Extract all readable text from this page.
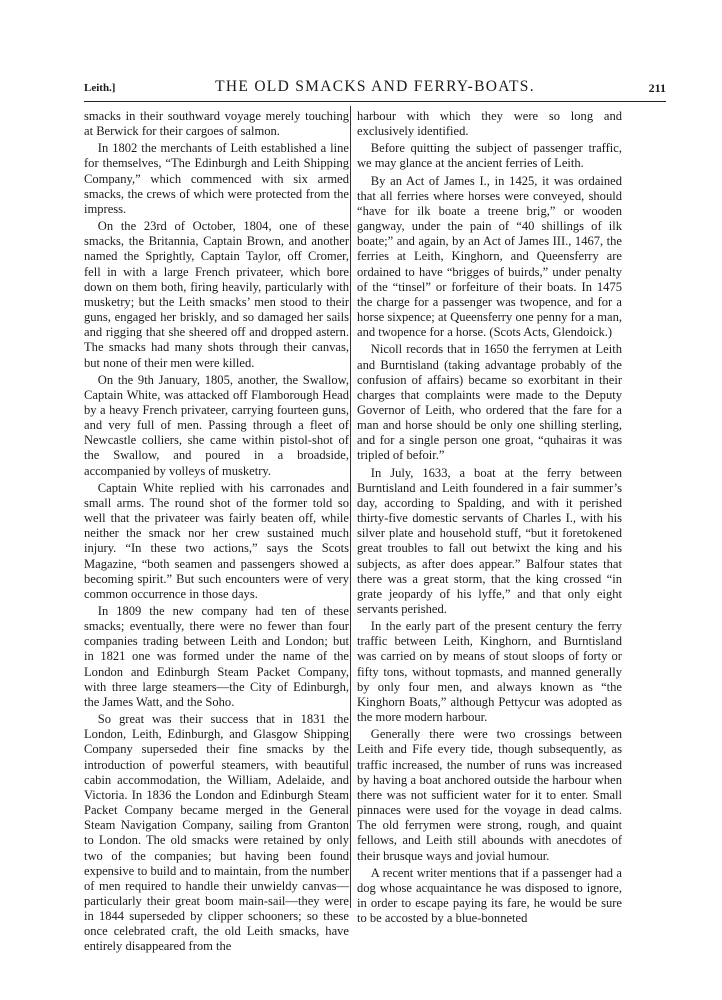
Leith.]	THE OLD SMACKS AND FERRY-BOATS.	211

smacks in their southward voyage merely touching at Berwick for their cargoes of salmon.

In 1802 the merchants of Leith established a line for themselves, “The Edinburgh and Leith Shipping Company,” which commenced with six armed smacks, the crews of which were protected from the impress.

On the 23rd of October, 1804, one of these smacks, the Britannia, Captain Brown, and another named the Sprightly, Captain Taylor, off Cromer, fell in with a large French privateer, which bore down on them both, firing heavily, particularly with musketry; but the Leith smacks’ men stood to their guns, engaged her briskly, and so damaged her sails and rigging that she sheered off and dropped astern. The smacks had many shots through their canvas, but none of their men were killed.

On the 9th January, 1805, another, the Swallow, Captain White, was attacked off Flamborough Head by a heavy French privateer, carrying fourteen guns, and very full of men. Passing through a fleet of Newcastle colliers, she came within pistol-shot of the Swallow, and poured in a broadside, accompanied by volleys of musketry.

Captain White replied with his carronades and small arms. The round shot of the former told so well that the privateer was fairly beaten off, while neither the smack nor her crew sustained much injury. “In these two actions,” says the Scots Magazine, “both seamen and passengers showed a becoming spirit.” But such encounters were of very common occurrence in those days.

In 1809 the new company had ten of these smacks; eventually, there were no fewer than four companies trading between Leith and London; but in 1821 one was formed under the name of the London and Edinburgh Steam Packet Company, with three large steamers—the City of Edinburgh, the James Watt, and the Soho.

So great was their success that in 1831 the London, Leith, Edinburgh, and Glasgow Shipping Company superseded their fine smacks by the introduction of powerful steamers, with beautiful cabin accommodation, the William, Adelaide, and Victoria. In 1836 the London and Edinburgh Steam Packet Company became merged in the General Steam Navigation Company, sailing from Granton to London. The old smacks were retained by only two of the companies; but having been found expensive to build and to maintain, from the number of men required to handle their unwieldy canvas—particularly their great boom main-sail—they were in 1844 superseded by clipper schooners; so these once celebrated craft, the old Leith smacks, have entirely disappeared from the

harbour with which they were so long and exclusively identified.

Before quitting the subject of passenger traffic, we may glance at the ancient ferries of Leith.

By an Act of James I., in 1425, it was ordained that all ferries where horses were conveyed, should “have for ilk boate a treene brig,” or wooden gangway, under the pain of “40 shillings of ilk boate;” and again, by an Act of James III., 1467, the ferries at Leith, Kinghorn, and Queensferry are ordained to have “brigges of buirds,” under penalty of the “tinsel” or forfeiture of their boats. In 1475 the charge for a passenger was twopence, and for a horse sixpence; at Queensferry one penny for a man, and twopence for a horse. (Scots Acts, Glendoick.)

Nicoll records that in 1650 the ferrymen at Leith and Burntisland (taking advantage probably of the confusion of affairs) became so exorbitant in their charges that complaints were made to the Deputy Governor of Leith, who ordered that the fare for a man and horse should be only one shilling sterling, and for a single person one groat, “quhairas it was tripled of befoir.”

In July, 1633, a boat at the ferry between Burntisland and Leith foundered in a fair summer’s day, according to Spalding, and with it perished thirty-five domestic servants of Charles I., with his silver plate and household stuff, “but it foretokened great troubles to fall out betwixt the king and his subjects, as after does appear.” Balfour states that there was a great storm, that the king crossed “in grate jeopardy of his lyffe,” and that only eight servants perished.

In the early part of the present century the ferry traffic between Leith, Kinghorn, and Burntisland was carried on by means of stout sloops of forty or fifty tons, without topmasts, and manned generally by only four men, and always known as “the Kinghorn Boats,” although Pettycur was adopted as the more modern harbour.

Generally there were two crossings between Leith and Fife every tide, though subsequently, as traffic increased, the number of runs was increased by having a boat anchored outside the harbour when there was not sufficient water for it to enter. Small pinnaces were used for the voyage in dead calms. The old ferrymen were strong, rough, and quaint fellows, and Leith still abounds with anecdotes of their brusque ways and jovial humour.

A recent writer mentions that if a passenger had a dog whose acquaintance he was disposed to ignore, in order to escape paying its fare, he would be sure to be accosted by a blue-bonneted
